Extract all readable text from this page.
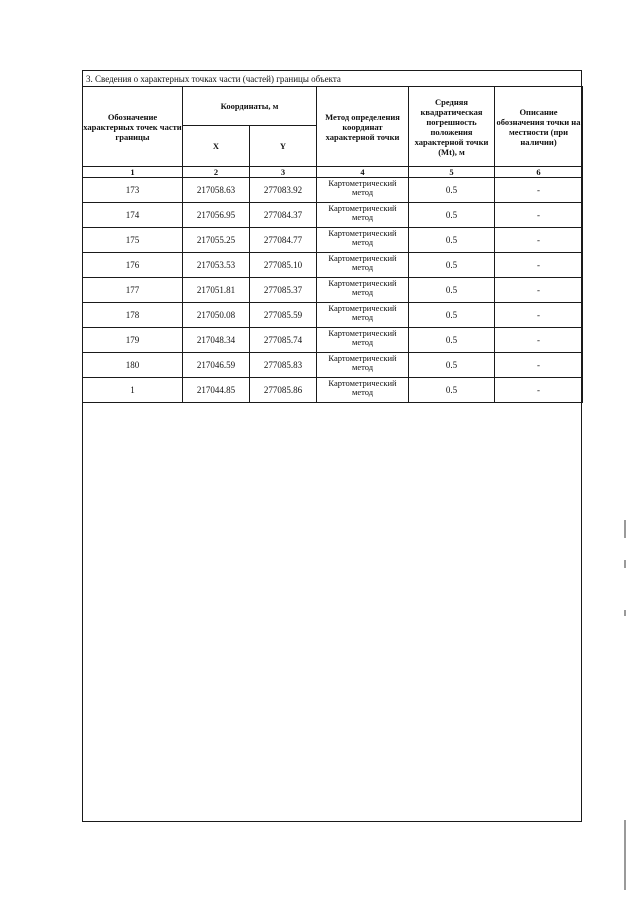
3. Сведения о характерных точках части (частей) границы объекта
Обозначение характерных точек части границы	Координаты, м		Метод определения координат характерной точки	Средняя квадратическая погрешность положения характерной точки (Mt), м	Описание обозначения точки на местности (при наличии)
	X	Y			
1	2	3	4	5	6
173	217058.63	277083.92	Картометрический метод	0.5	-
174	217056.95	277084.37	Картометрический метод	0.5	-
175	217055.25	277084.77	Картометрический метод	0.5	-
176	217053.53	277085.10	Картометрический метод	0.5	-
177	217051.81	277085.37	Картометрический метод	0.5	-
178	217050.08	277085.59	Картометрический метод	0.5	-
179	217048.34	277085.74	Картометрический метод	0.5	-
180	217046.59	277085.83	Картометрический метод	0.5	-
1	217044.85	277085.86	Картометрический метод	0.5	-
